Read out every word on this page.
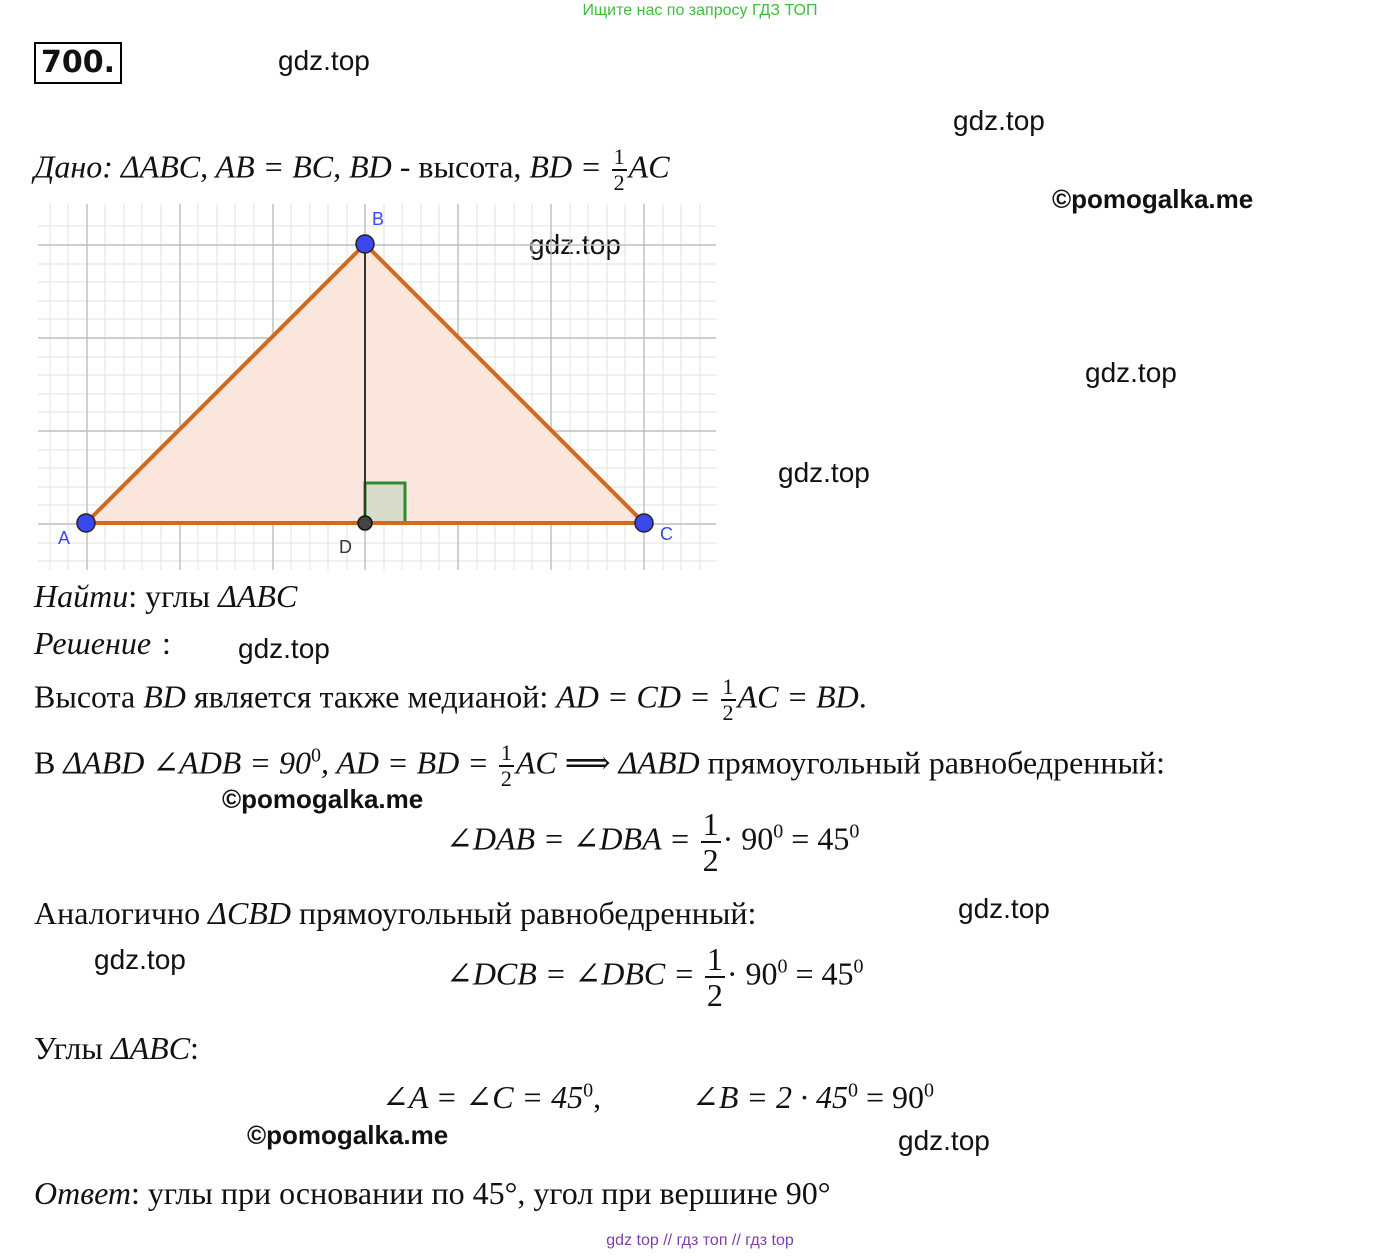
Ищите нас по запросу ГДЗ ТОП
700.	gdz.top
gdz.top
©pomogalka.me
gdz.top
gdz.top
gdz.top
gdz.top
©pomogalka.me
gdz.top
gdz.top
©pomogalka.me	gdz.top
Дано: ΔABC, AB = BC, BD - высота, BD = $\frac{1}{2}$ AC
A
B
C
D
Найти: углы ΔABC
Решение :
Высота BD является также медианой: AD = CD = $\frac{1}{2}$ AC = BD.
В ΔABD ∠ADB = $90^0$, AD = BD = $\frac{1}{2}$ AC ⟹ ΔABD прямоугольный равнобедренный:
∠DAB = ∠DBA = $\frac{1}{2} \cdot 90^0 = 45^0$
Аналогично ΔCBD прямоугольный равнобедренный:
∠DCB = ∠DBC = $\frac{1}{2} \cdot 90^0 = 45^0$
Углы ΔABC:
∠A = ∠C = $45^0$,	∠B = $2 \cdot 45^0 = 90^0$
Ответ: углы при основании по 45°, угол при вершине 90°
gdz top // гдз топ // гдз top
